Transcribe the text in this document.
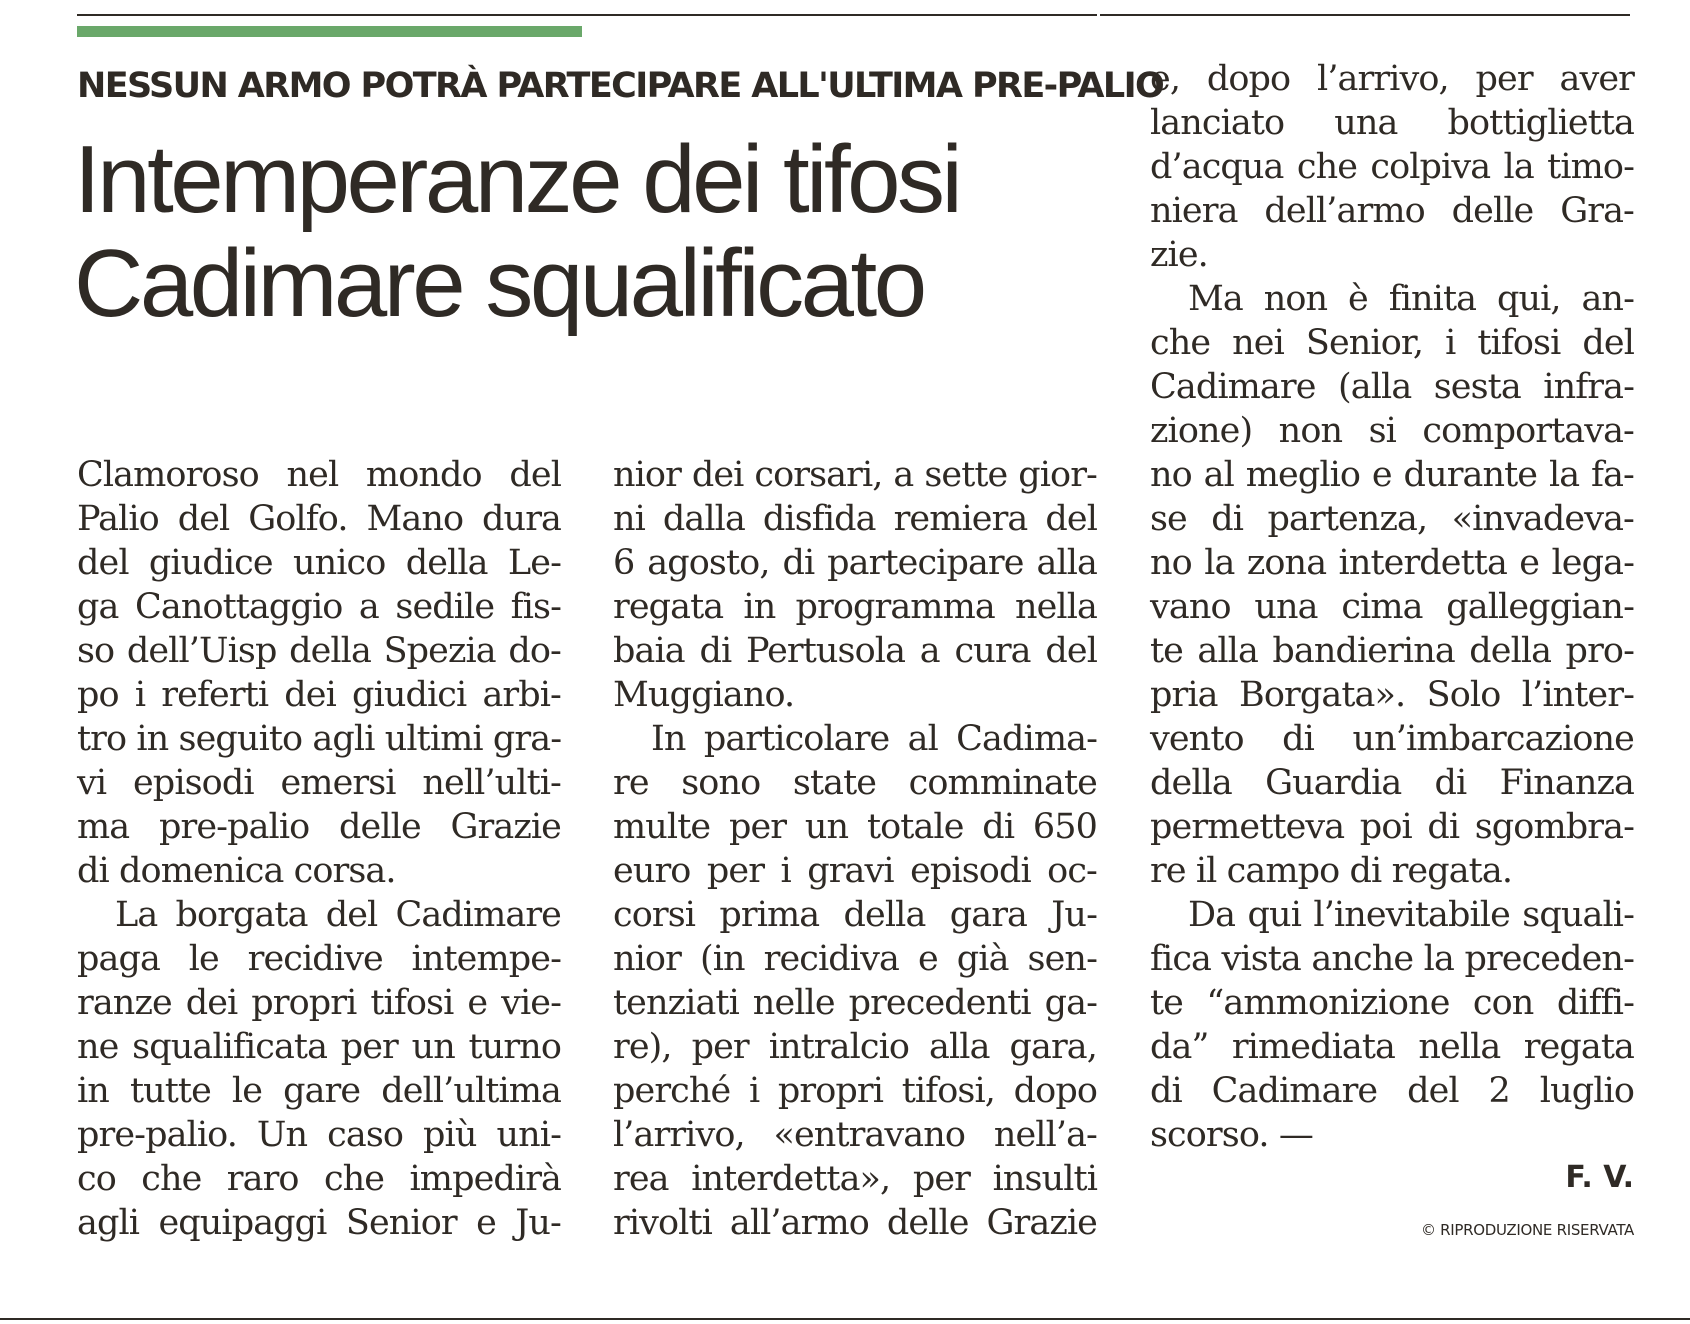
NESSUN ARMO POTRÀ PARTECIPARE ALL'ULTIMA PRE-PALIO
Intemperanze dei tifosi
Cadimare squalificato
Clamoroso nel mondo del
Palio del Golfo. Mano dura
del giudice unico della Le-
ga Canottaggio a sedile fis-
so dell’Uisp della Spezia do-
po i referti dei giudici arbi-
tro in seguito agli ultimi gra-
vi episodi emersi nell’ulti-
ma pre-palio delle Grazie
di domenica corsa.
La borgata del Cadimare
paga le recidive intempe-
ranze dei propri tifosi e vie-
ne squalificata per un turno
in tutte le gare dell’ultima
pre-palio. Un caso più uni-
co che raro che impedirà
agli equipaggi Senior e Ju-
nior dei corsari, a sette gior-
ni dalla disfida remiera del
6 agosto, di partecipare alla
regata in programma nella
baia di Pertusola a cura del
Muggiano.
In particolare al Cadima-
re sono state comminate
multe per un totale di 650
euro per i gravi episodi oc-
corsi prima della gara Ju-
nior (in recidiva e già sen-
tenziati nelle precedenti ga-
re), per intralcio alla gara,
perché i propri tifosi, dopo
l’arrivo, «entravano nell’a-
rea interdetta», per insulti
rivolti all’armo delle Grazie
e, dopo l’arrivo, per aver
lanciato una bottiglietta
d’acqua che colpiva la timo-
niera dell’armo delle Gra-
zie.
Ma non è finita qui, an-
che nei Senior, i tifosi del
Cadimare (alla sesta infra-
zione) non si comportava-
no al meglio e durante la fa-
se di partenza, «invadeva-
no la zona interdetta e lega-
vano una cima galleggian-
te alla bandierina della pro-
pria Borgata». Solo l’inter-
vento di un’imbarcazione
della Guardia di Finanza
permetteva poi di sgombra-
re il campo di regata.
Da qui l’inevitabile squali-
fica vista anche la preceden-
te “ammonizione con diffi-
da” rimediata nella regata
di Cadimare del 2 luglio
scorso. —
F. V.
© RIPRODUZIONE RISERVATA
